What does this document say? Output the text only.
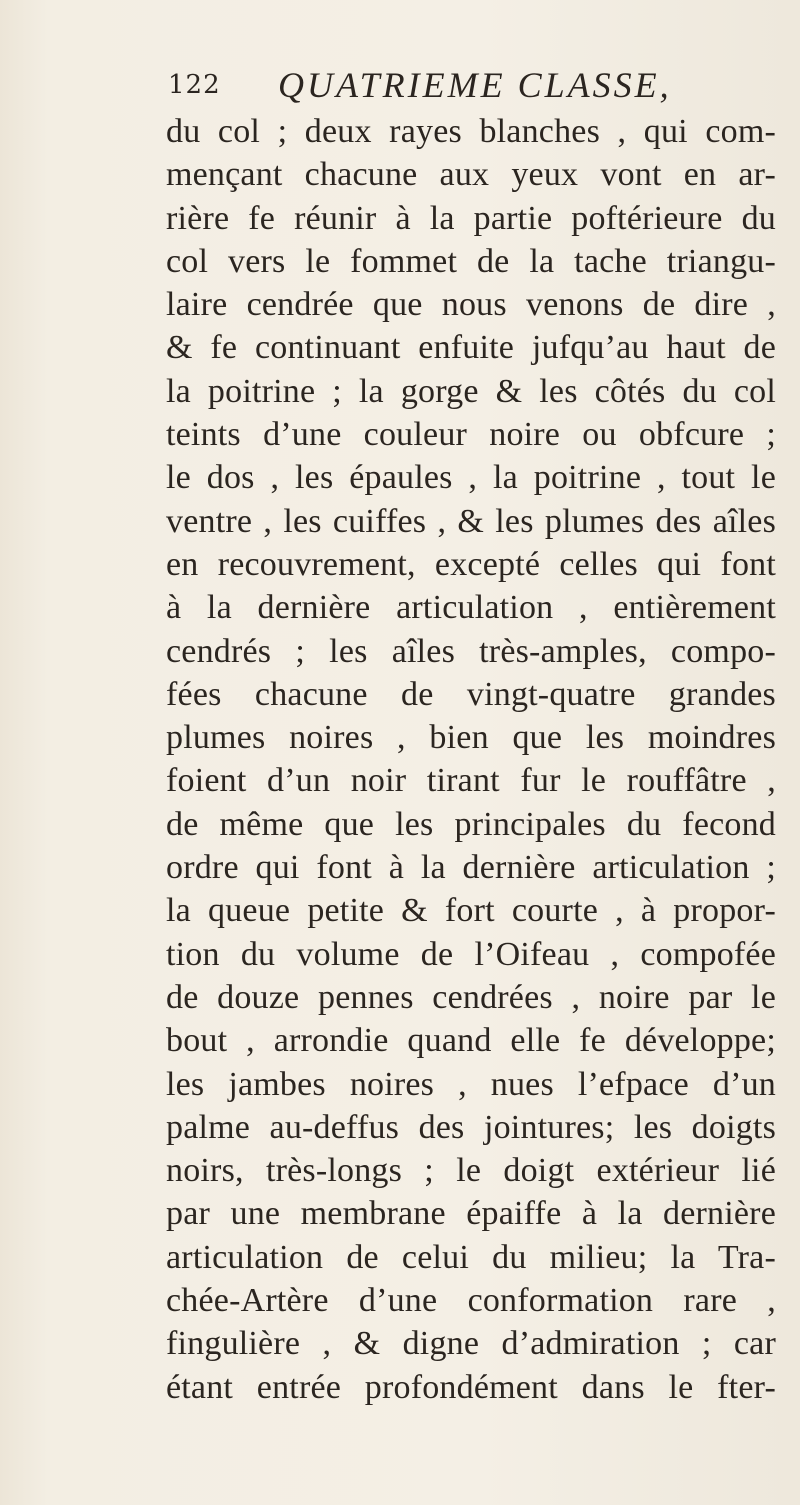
122 QUATRIEME CLASSE,
du col ; deux rayes blanches , qui com-
mençant chacune aux yeux vont en ar-
rière fe réunir à la partie poftérieure du
col vers le fommet de la tache triangu-
laire cendrée que nous venons de dire ,
& fe continuant enfuite jufqu’au haut de
la poitrine ; la gorge & les côtés du col
teints d’une couleur noire ou obfcure ;
le dos , les épaules , la poitrine , tout le
ventre , les cuiffes , & les plumes des aîles
en recouvrement, excepté celles qui font
à la dernière articulation , entièrement
cendrés ; les aîles très-amples, compo-
fées chacune de vingt-quatre grandes
plumes noires , bien que les moindres
foient d’un noir tirant fur le rouffâtre ,
de même que les principales du fecond
ordre qui font à la dernière articulation ;
la queue petite & fort courte , à propor-
tion du volume de l’Oifeau , compofée
de douze pennes cendrées , noire par le
bout , arrondie quand elle fe développe;
les jambes noires , nues l’efpace d’un
palme au-deffus des jointures; les doigts
noirs, très-longs ; le doigt extérieur lié
par une membrane épaiffe à la dernière
articulation de celui du milieu; la Tra-
chée-Artère d’une conformation rare ,
fingulière , & digne d’admiration ; car
étant entrée profondément dans le fter-
